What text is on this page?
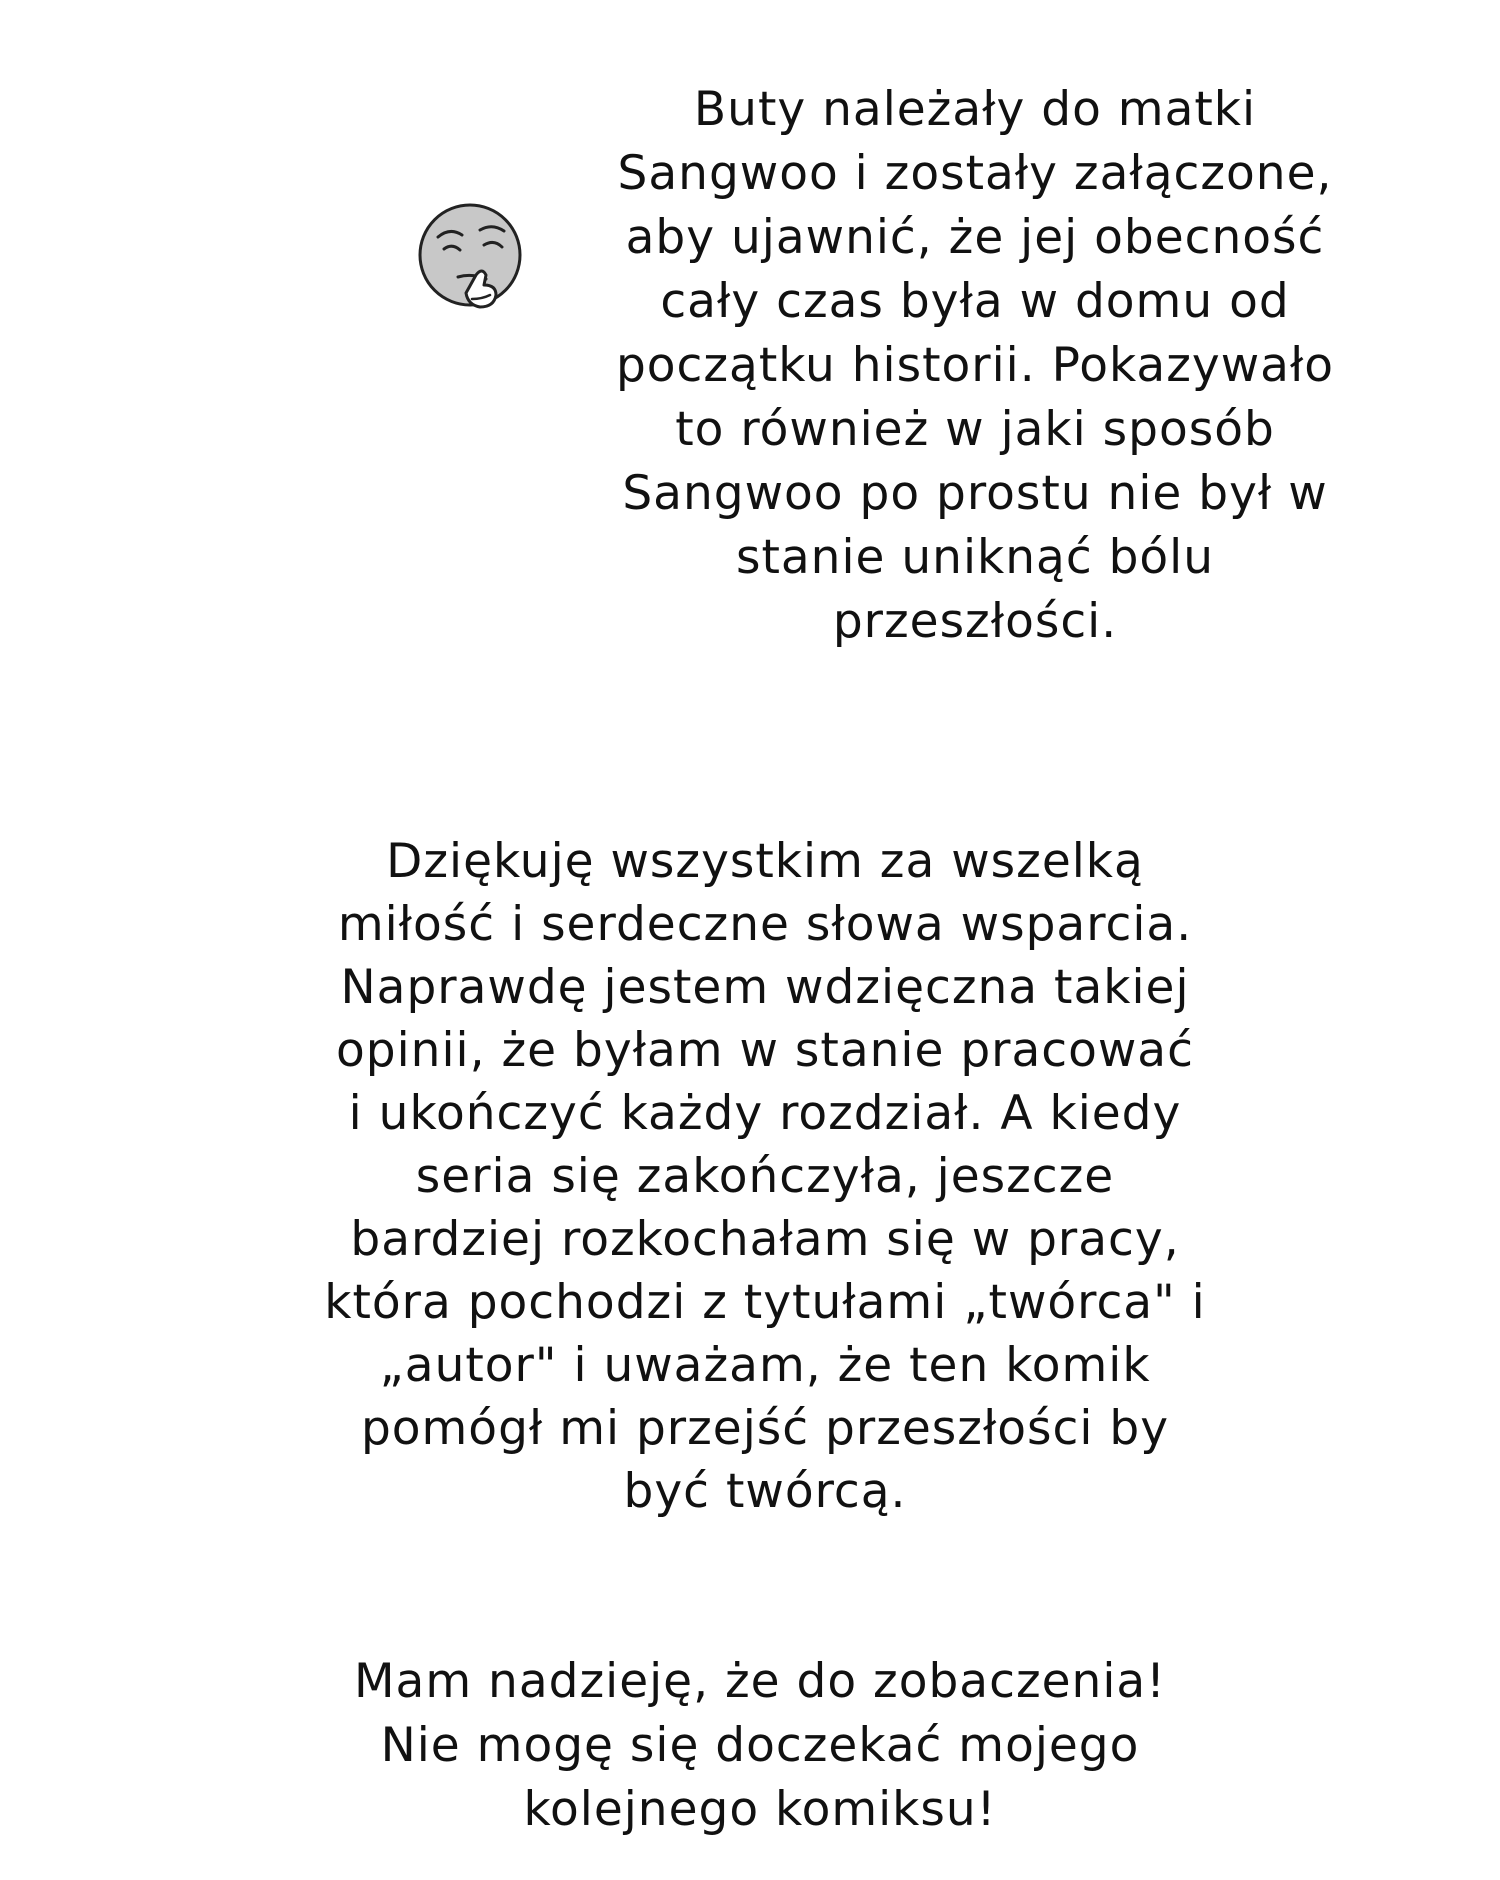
Buty należały do matki
Sangwoo i zostały załączone,
aby ujawnić, że jej obecność
cały czas była w domu od
początku historii. Pokazywało
to również w jaki sposób
Sangwoo po prostu nie był w
stanie uniknąć bólu
przeszłości.

Dziękuję wszystkim za wszelką
miłość i serdeczne słowa wsparcia.
Naprawdę jestem wdzięczna takiej
opinii, że byłam w stanie pracować
i ukończyć każdy rozdział. A kiedy
seria się zakończyła, jeszcze
bardziej rozkochałam się w pracy,
która pochodzi z tytułami „twórca" i
„autor" i uważam, że ten komik
pomógł mi przejść przeszłości by
być twórcą.

Mam nadzieję, że do zobaczenia!
Nie mogę się doczekać mojego
kolejnego komiksu!
